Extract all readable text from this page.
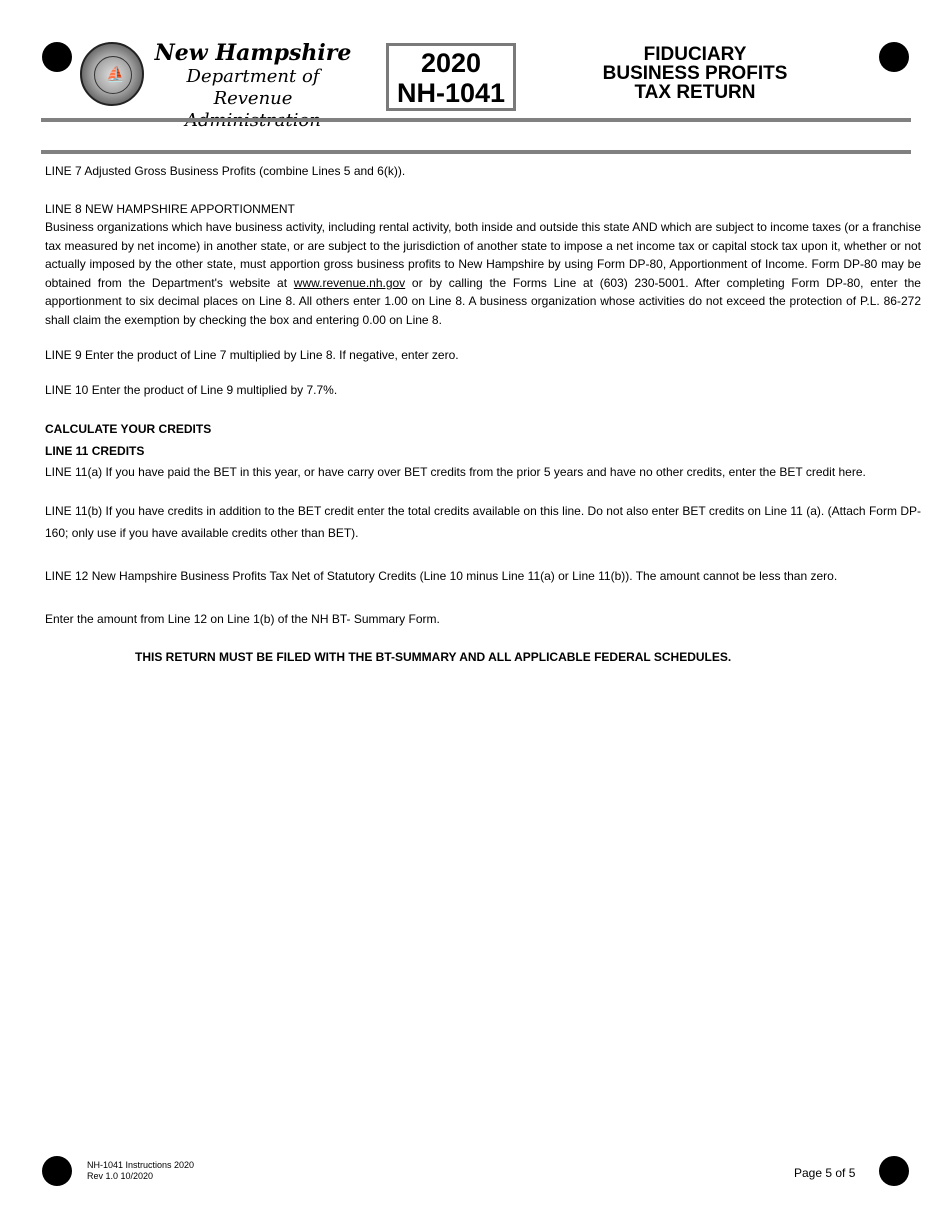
⛵
New Hampshire
Department of
Revenue
2020
NH-1041
FIDUCIARY
BUSINESS PROFITS
TAX RETURN

LINE 7 Adjusted Gross Business Profits (combine Lines 5 and 6(k)).

LINE 8 NEW HAMPSHIRE APPORTIONMENT

Business organizations which have business activity, including rental activity, both inside and outside this state AND which are subject to income taxes (or a franchise tax measured by net income) in another state, or are subject to the jurisdiction of another state to impose a net income tax or capital stock tax upon it, whether or not actually imposed by the other state, must apportion gross business profits to New Hampshire by using Form DP-80, Apportionment of Income. Form DP-80 may be obtained from the Department's website at www.revenue.nh.gov or by calling the Forms Line at (603) 230-5001. After completing Form DP-80, enter the apportionment to six decimal places on Line 8. All others enter 1.00 on Line 8. A business organization whose activities do not exceed the protection of P.L. 86-272 shall claim the exemption by checking the box and entering 0.00 on Line 8.

LINE 9 Enter the product of Line 7 multiplied by Line 8. If negative, enter zero.

LINE 10 Enter the product of Line 9 multiplied by 7.7%.

CALCULATE YOUR CREDITS

LINE 11 CREDITS

LINE 11(a) If you have paid the BET in this year, or have carry over BET credits from the prior 5 years and have no other credits, enter the BET credit here.

LINE 11(b) If you have credits in addition to the BET credit enter the total credits available on this line. Do not also enter BET credits on Line 11 (a). (Attach Form DP-160; only use if you have available credits other than BET).

LINE 12 New Hampshire Business Profits Tax Net of Statutory Credits (Line 10 minus Line 11(a) or Line 11(b)). The amount cannot be less than zero.

Enter the amount from Line 12 on Line 1(b) of the NH BT- Summary Form.

THIS RETURN MUST BE FILED WITH THE BT-SUMMARY AND ALL APPLICABLE FEDERAL SCHEDULES.
NH-1041 Instructions 2020
Rev 1.0 10/2020	Page 5 of 5
